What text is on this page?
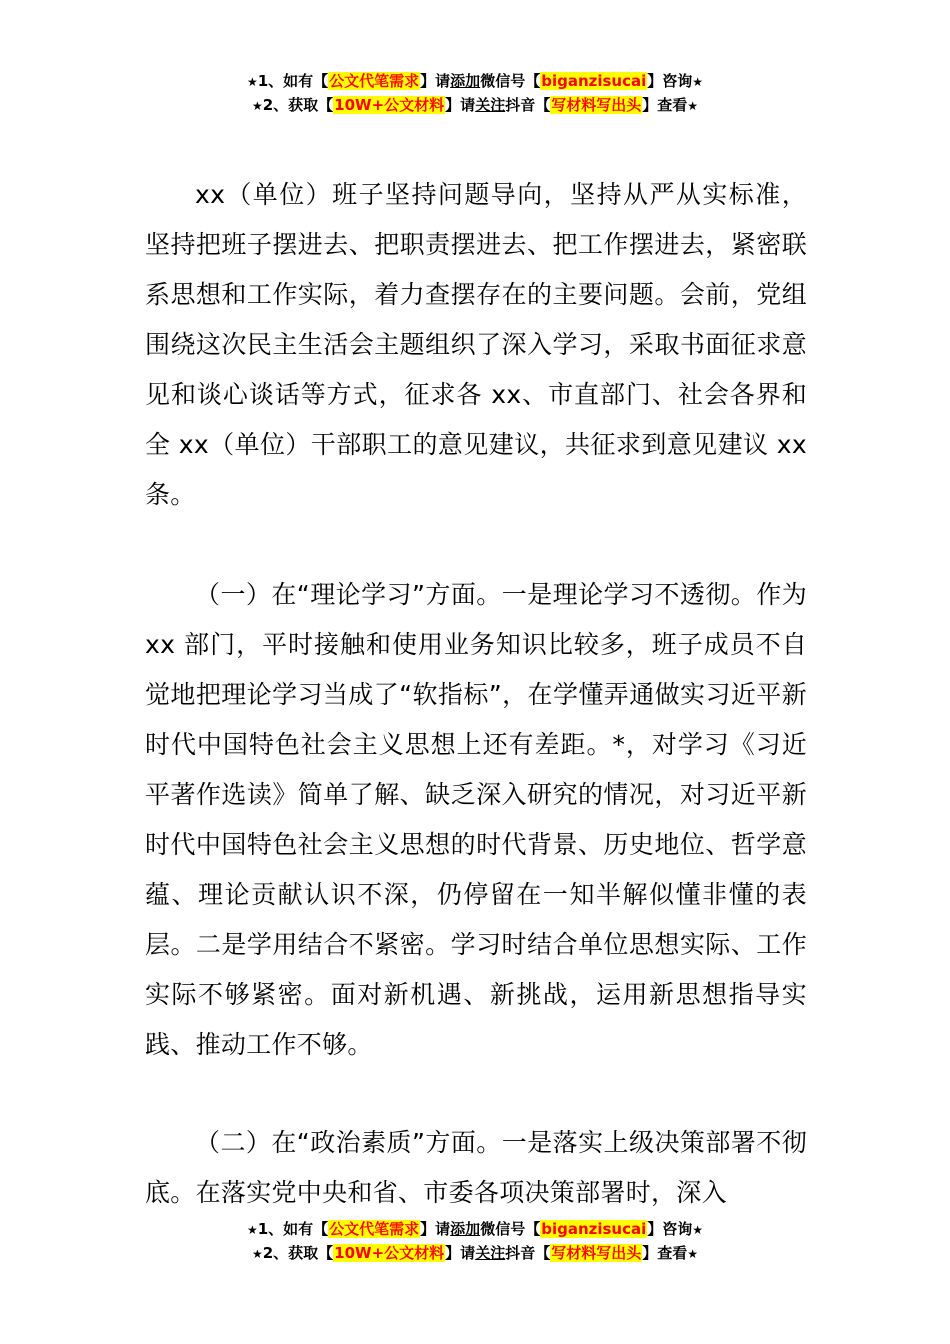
★1、如有【公文代笔需求】请添加微信号【biganzisucai】咨询★
★2、获取【10W+公文材料】请关注抖音【写材料写出头】查看★

xx（单位）班子坚持问题导向，坚持从严从实标准，坚持把班子摆进去、把职责摆进去、把工作摆进去，紧密联系思想和工作实际，着力查摆存在的主要问题。会前，党组围绕这次民主生活会主题组织了深入学习，采取书面征求意见和谈心谈话等方式，征求各 xx、市直部门、社会各界和全 xx（单位）干部职工的意见建议，共征求到意见建议 xx 条。

（一）在“理论学习”方面。一是理论学习不透彻。作为 xx 部门，平时接触和使用业务知识比较多，班子成员不自觉地把理论学习当成了“软指标”，在学懂弄通做实习近平新时代中国特色社会主义思想上还有差距。*，对学习《习近平著作选读》简单了解、缺乏深入研究的情况，对习近平新时代中国特色社会主义思想的时代背景、历史地位、哲学意蕴、理论贡献认识不深，仍停留在一知半解似懂非懂的表层。二是学用结合不紧密。学习时结合单位思想实际、工作实际不够紧密。面对新机遇、新挑战，运用新思想指导实践、推动工作不够。

（二）在“政治素质”方面。一是落实上级决策部署不彻底。在落实党中央和省、市委各项决策部署时，深入

★1、如有【公文代笔需求】请添加微信号【biganzisucai】咨询★
★2、获取【10W+公文材料】请关注抖音【写材料写出头】查看★
